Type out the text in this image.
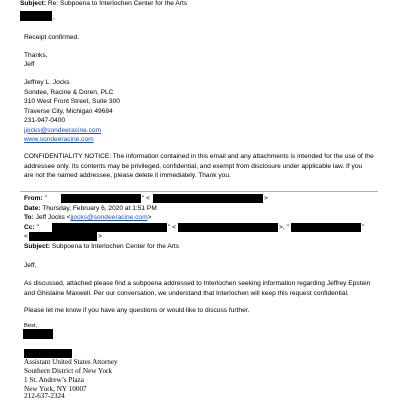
Subject: Re: Subpoena to Interlochen Center for the Arts
,
Receipt confirmed.
Thanks,
Jeff
Jeffrey L. Jocks
Sondee, Racine & Doren, PLC
310 West Front Street, Suite 300
Traverse City, Michigan 49684
231-947-0400
jjocks@sondeeracine.com
www.sondeeracine.com
CONFIDENTIALITY NOTICE: The information contained in this email and any attachments is intended for the use of the
addressee only. Its contents may be privileged, confidential, and exempt from disclosure under applicable law. If you
are not the named addressee, please delete it immediately. Thank you.
From: "	" <	>
Date: Thursday, February 6, 2020 at 1:51 PM
To: Jeff Jocks <jjocks@sondeeracine.com>
Cc: "	" <	>, "	"
<	>
Subject: Subpoena to Interlochen Center for the Arts
Jeff,
As discussed, attached please find a subpoena addressed to Interlochen seeking information regarding Jeffrey Epstein
and Ghislaine Maxwell. Per our conversation, we understand that Interlochen will keep this request confidential.
Please let me know if you have any questions or would like to discuss further.
Best,
Assistant United States Attorney
Southern District of New York
1 St. Andrew’s Plaza
New York, NY 10007
212-637-2324
